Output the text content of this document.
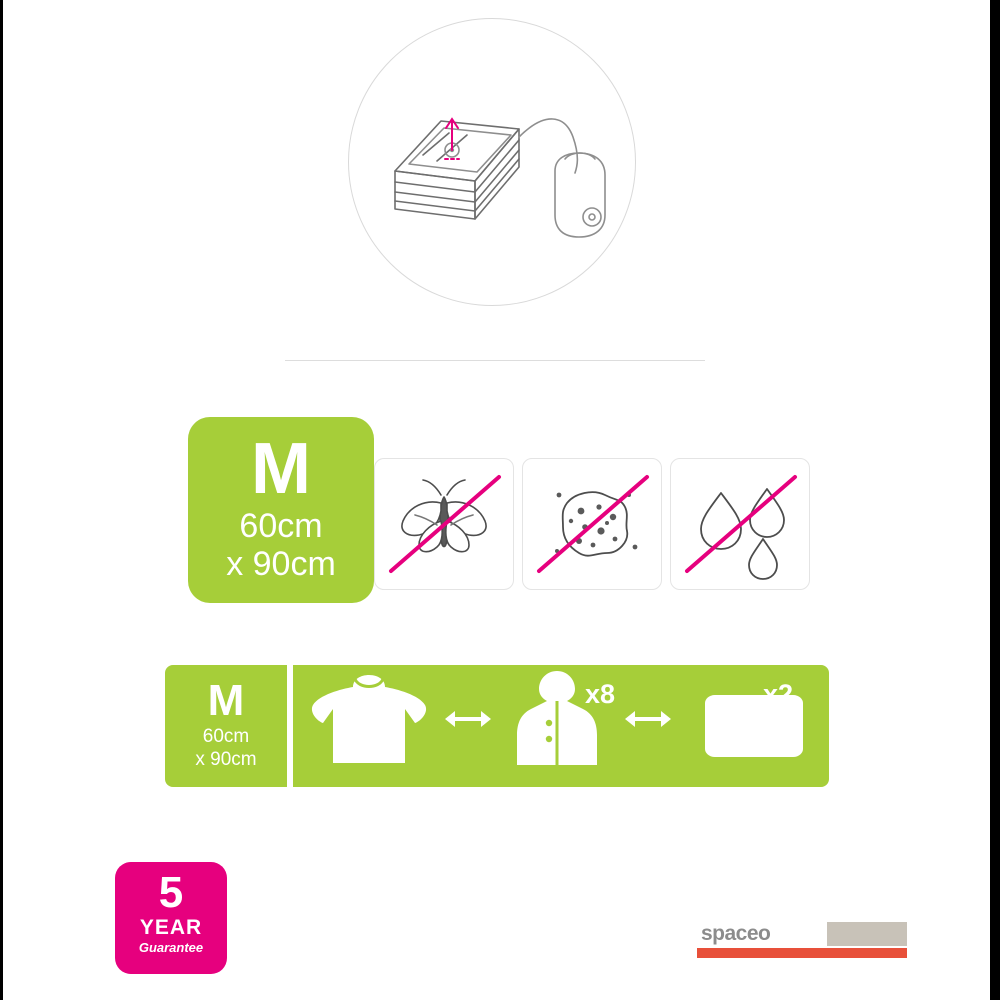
M
60cm
x 90cm
M
60cm
x 90cm
x8	x2	x2
5
YEAR
Guarantee
spaceo
